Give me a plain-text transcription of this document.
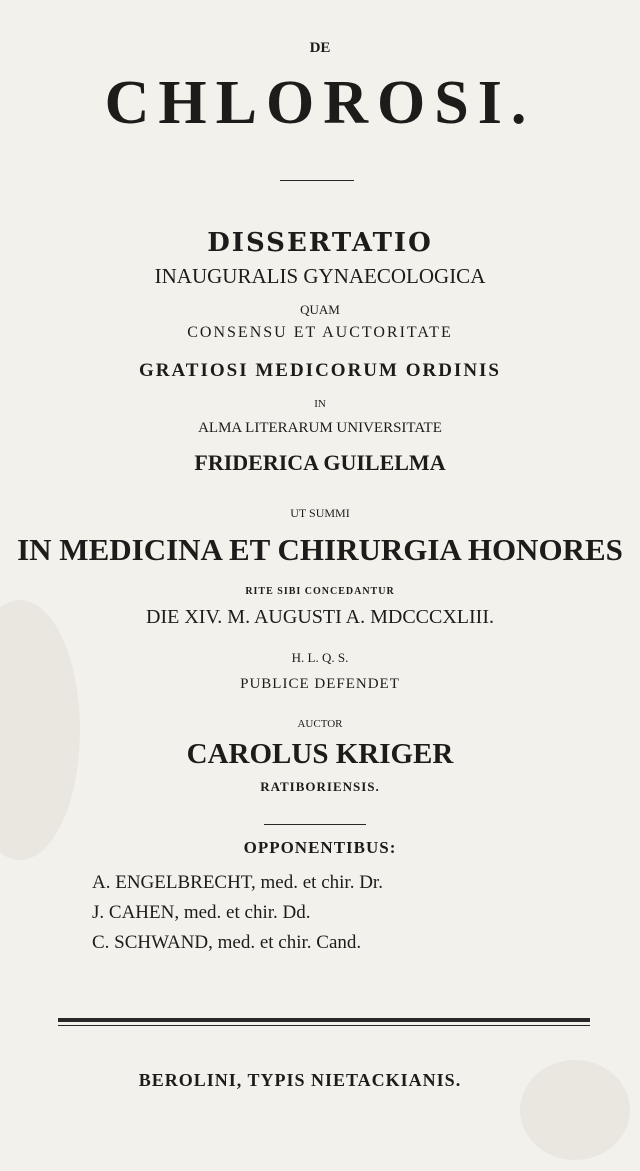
DE
CHLOROSI.
DISSERTATIO
INAUGURALIS GYNAECOLOGICA
QUAM
CONSENSU ET AUCTORITATE
GRATIOSI MEDICORUM ORDINIS
IN
ALMA LITERARUM UNIVERSITATE
FRIDERICA GUILELMA
UT SUMMI
IN MEDICINA ET CHIRURGIA HONORES
RITE SIBI CONCEDANTUR
DIE XIV. M. AUGUSTI A. MDCCCXLIII.
H. L. Q. S.
PUBLICE DEFENDET
AUCTOR
CAROLUS KRIGER
RATIBORIENSIS.
OPPONENTIBUS:
A. ENGELBRECHT, med. et chir. Dr.
J. CAHEN, med. et chir. Dd.
C. SCHWAND, med. et chir. Cand.
BEROLINI, TYPIS NIETACKIANIS.
